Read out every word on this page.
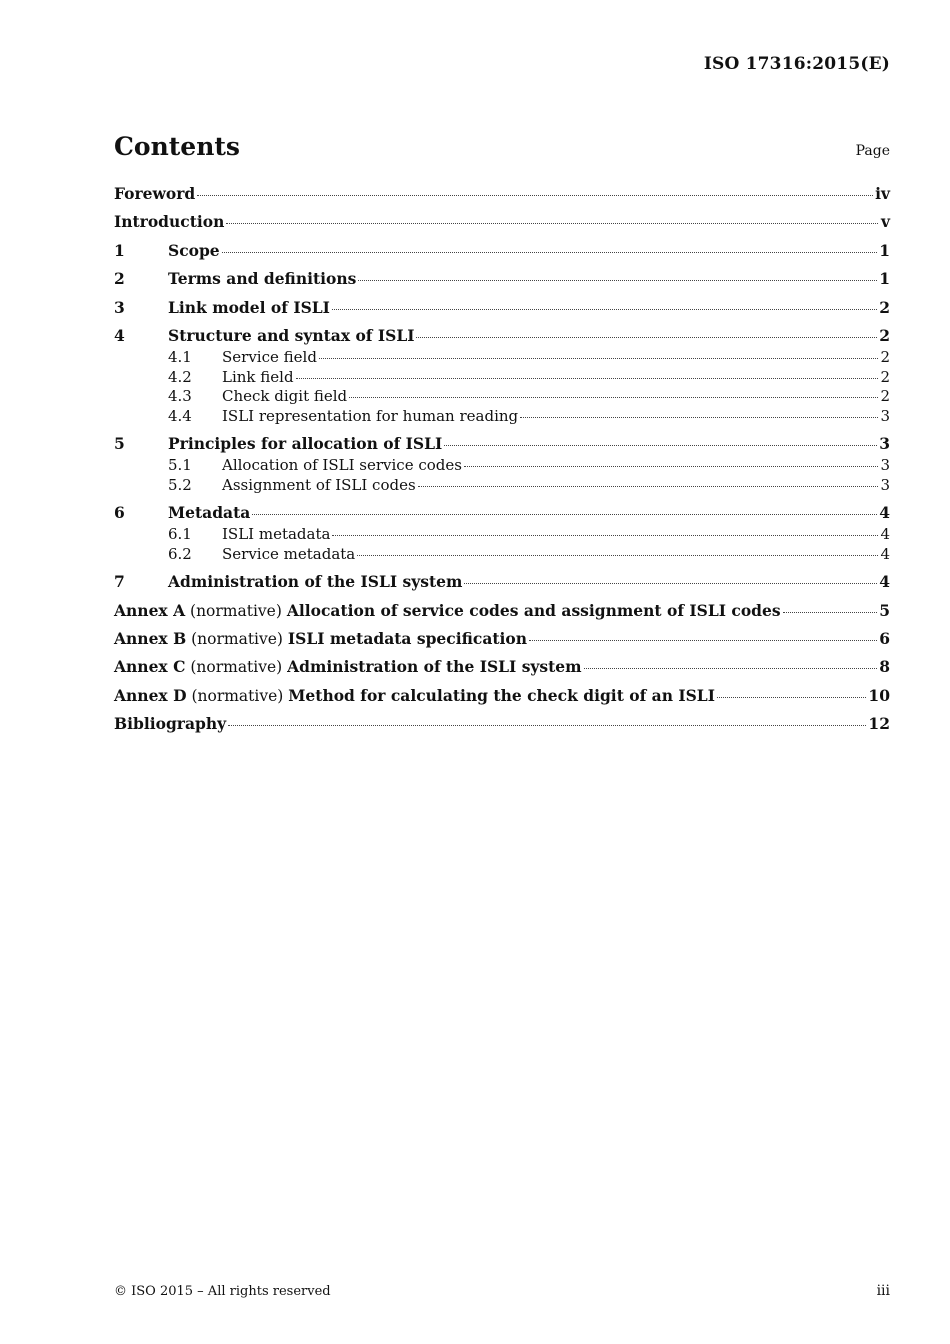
ISO 17316:2015(E)
Contents	Page
Foreword	iv
Introduction	v
1	Scope	1
2	Terms and definitions	1
3	Link model of ISLI	2
4	Structure and syntax of ISLI	2
4.1	Service field	2
4.2	Link field	2
4.3	Check digit field	2
4.4	ISLI representation for human reading	3
5	Principles for allocation of ISLI	3
5.1	Allocation of ISLI service codes	3
5.2	Assignment of ISLI codes	3
6	Metadata	4
6.1	ISLI metadata	4
6.2	Service metadata	4
7	Administration of the ISLI system	4
Annex A (normative) Allocation of service codes and assignment of ISLI codes	5
Annex B (normative) ISLI metadata specification	6
Annex C (normative) Administration of the ISLI system	8
Annex D (normative) Method for calculating the check digit of an ISLI	10
Bibliography	12
© ISO 2015 – All rights reserved	iii
